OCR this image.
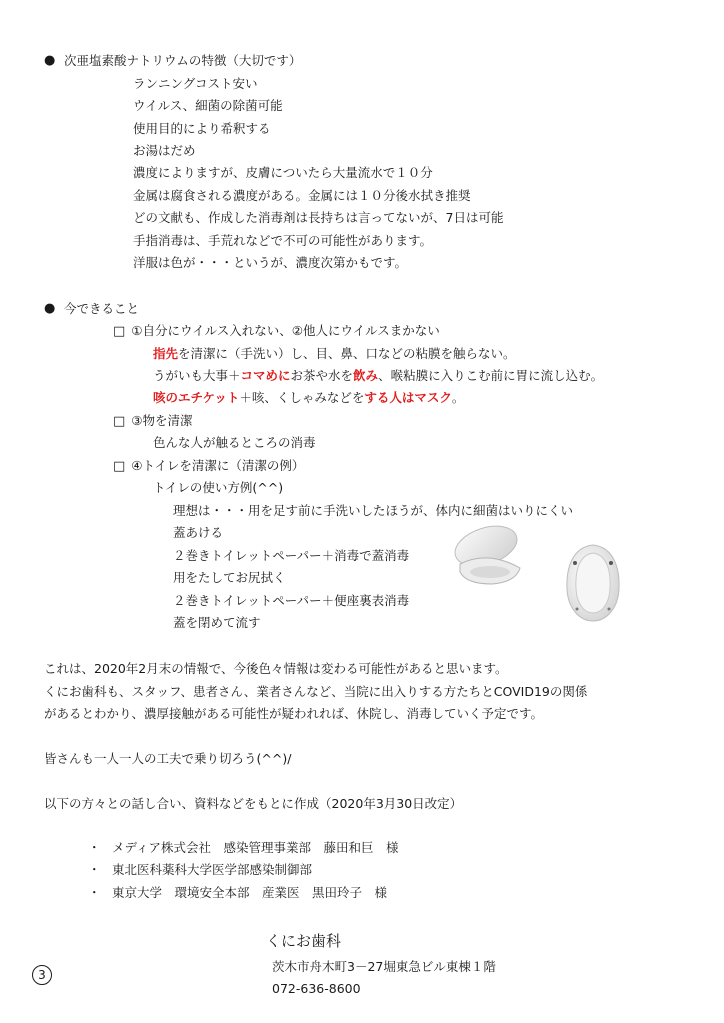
● 次亜塩素酸ナトリウムの特徴（大切です）
ランニングコスト安い
ウイルス、細菌の除菌可能
使用目的により希釈する
お湯はだめ
濃度によりますが、皮膚についたら大量流水で１０分
金属は腐食される濃度がある。金属には１０分後水拭き推奨
どの文献も、作成した消毒剤は長持ちは言ってないが、7日は可能
手指消毒は、手荒れなどで不可の可能性があります。
洋服は色が・・・というが、濃度次第かもです。
● 今できること
□ ①自分にウイルス入れない、②他人にウイルスまかない
指先を清潔に（手洗い）し、目、鼻、口などの粘膜を触らない。
うがいも大事＋コマめにお茶や水を飲み、喉粘膜に入りこむ前に胃に流し込む。
咳のエチケット＋咳、くしゃみなどをする人はマスク。
□ ③物を清潔
色んな人が触るところの消毒
□ ④トイレを清潔に（清潔の例）
トイレの使い方例(^^)
理想は・・・用を足す前に手洗いしたほうが、体内に細菌はいりにくい
蓋あける
２巻きトイレットペーパー＋消毒で蓋消毒
用をたしてお尻拭く
２巻きトイレットペーパー＋便座裏表消毒
蓋を閉めて流す
これは、2020年2月末の情報で、今後色々情報は変わる可能性があると思います。
くにお歯科も、スタッフ、患者さん、業者さんなど、当院に出入りする方たちとCOVID19の関係
があるとわかり、濃厚接触がある可能性が疑われれば、休院し、消毒していく予定です。
皆さんも一人一人の工夫で乗り切ろう(^^)/
以下の方々との話し合い、資料などをもとに作成（2020年3月30日改定）
・ メディア株式会社　感染管理事業部　藤田和巨　様
・ 東北医科薬科大学医学部感染制御部
・ 東京大学　環境安全本部　産業医　黒田玲子　様
くにお歯科
茨木市舟木町3－27堀東急ビル東棟１階
072-636-8600
3
